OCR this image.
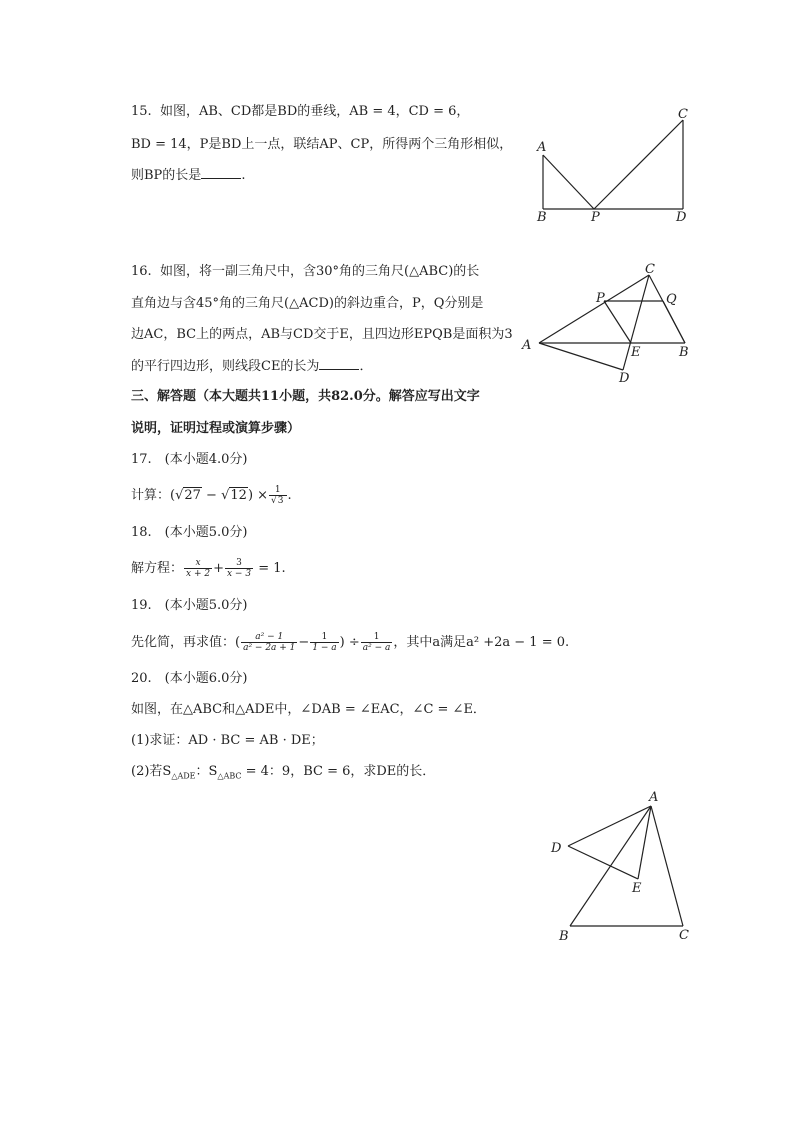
15. 如图，AB、CD都是BD的垂线，AB = 4，CD = 6，
BD = 14，P是BD上一点，联结AP、CP，所得两个三角形相似，
则BP的长是	.
A
B
C
D
P
16. 如图，将一副三角尺中，含30°角的三角尺(△ABC)的长
直角边与含45°角的三角尺(△ACD)的斜边重合，P，Q分别是
边AC，BC上的两点，AB与CD交于E，且四边形EPQB是面积为3
的平行四边形，则线段CE的长为	．
A	B
C
D
E
P	Q
三、解答题（本大题共11小题，共82.0分。解答应写出文字
说明，证明过程或演算步骤）
17.　(本小题4.0分)
计算：$(√27 - √12) \times \frac{1}{√3}$ .
18.　(本小题5.0分)
解方程： $\frac{x}{x + 2} + \frac{3}{x - 3} = 1$.
19.　(本小题5.0分)
先化简，再求值：( $\frac{\text{a² − 1}}{\text{a² − 2a + 1}} - \frac{1}{1 - a}$ ) ÷ $\frac{1}{\text{a² − a}}$ ，其中a满足a² +2a − 1 = 0.
20.　(本小题6.0分)
如图，在△ABC和△ADE中，∠DAB = ∠EAC，∠C = ∠E．
(1)求证：AD · BC = AB · DE；
(2)若$S_{\triangle ADE}$：$S_{\triangle ABC} = 4$：9，BC = 6，求DE的长．
A
B	C
D
E
